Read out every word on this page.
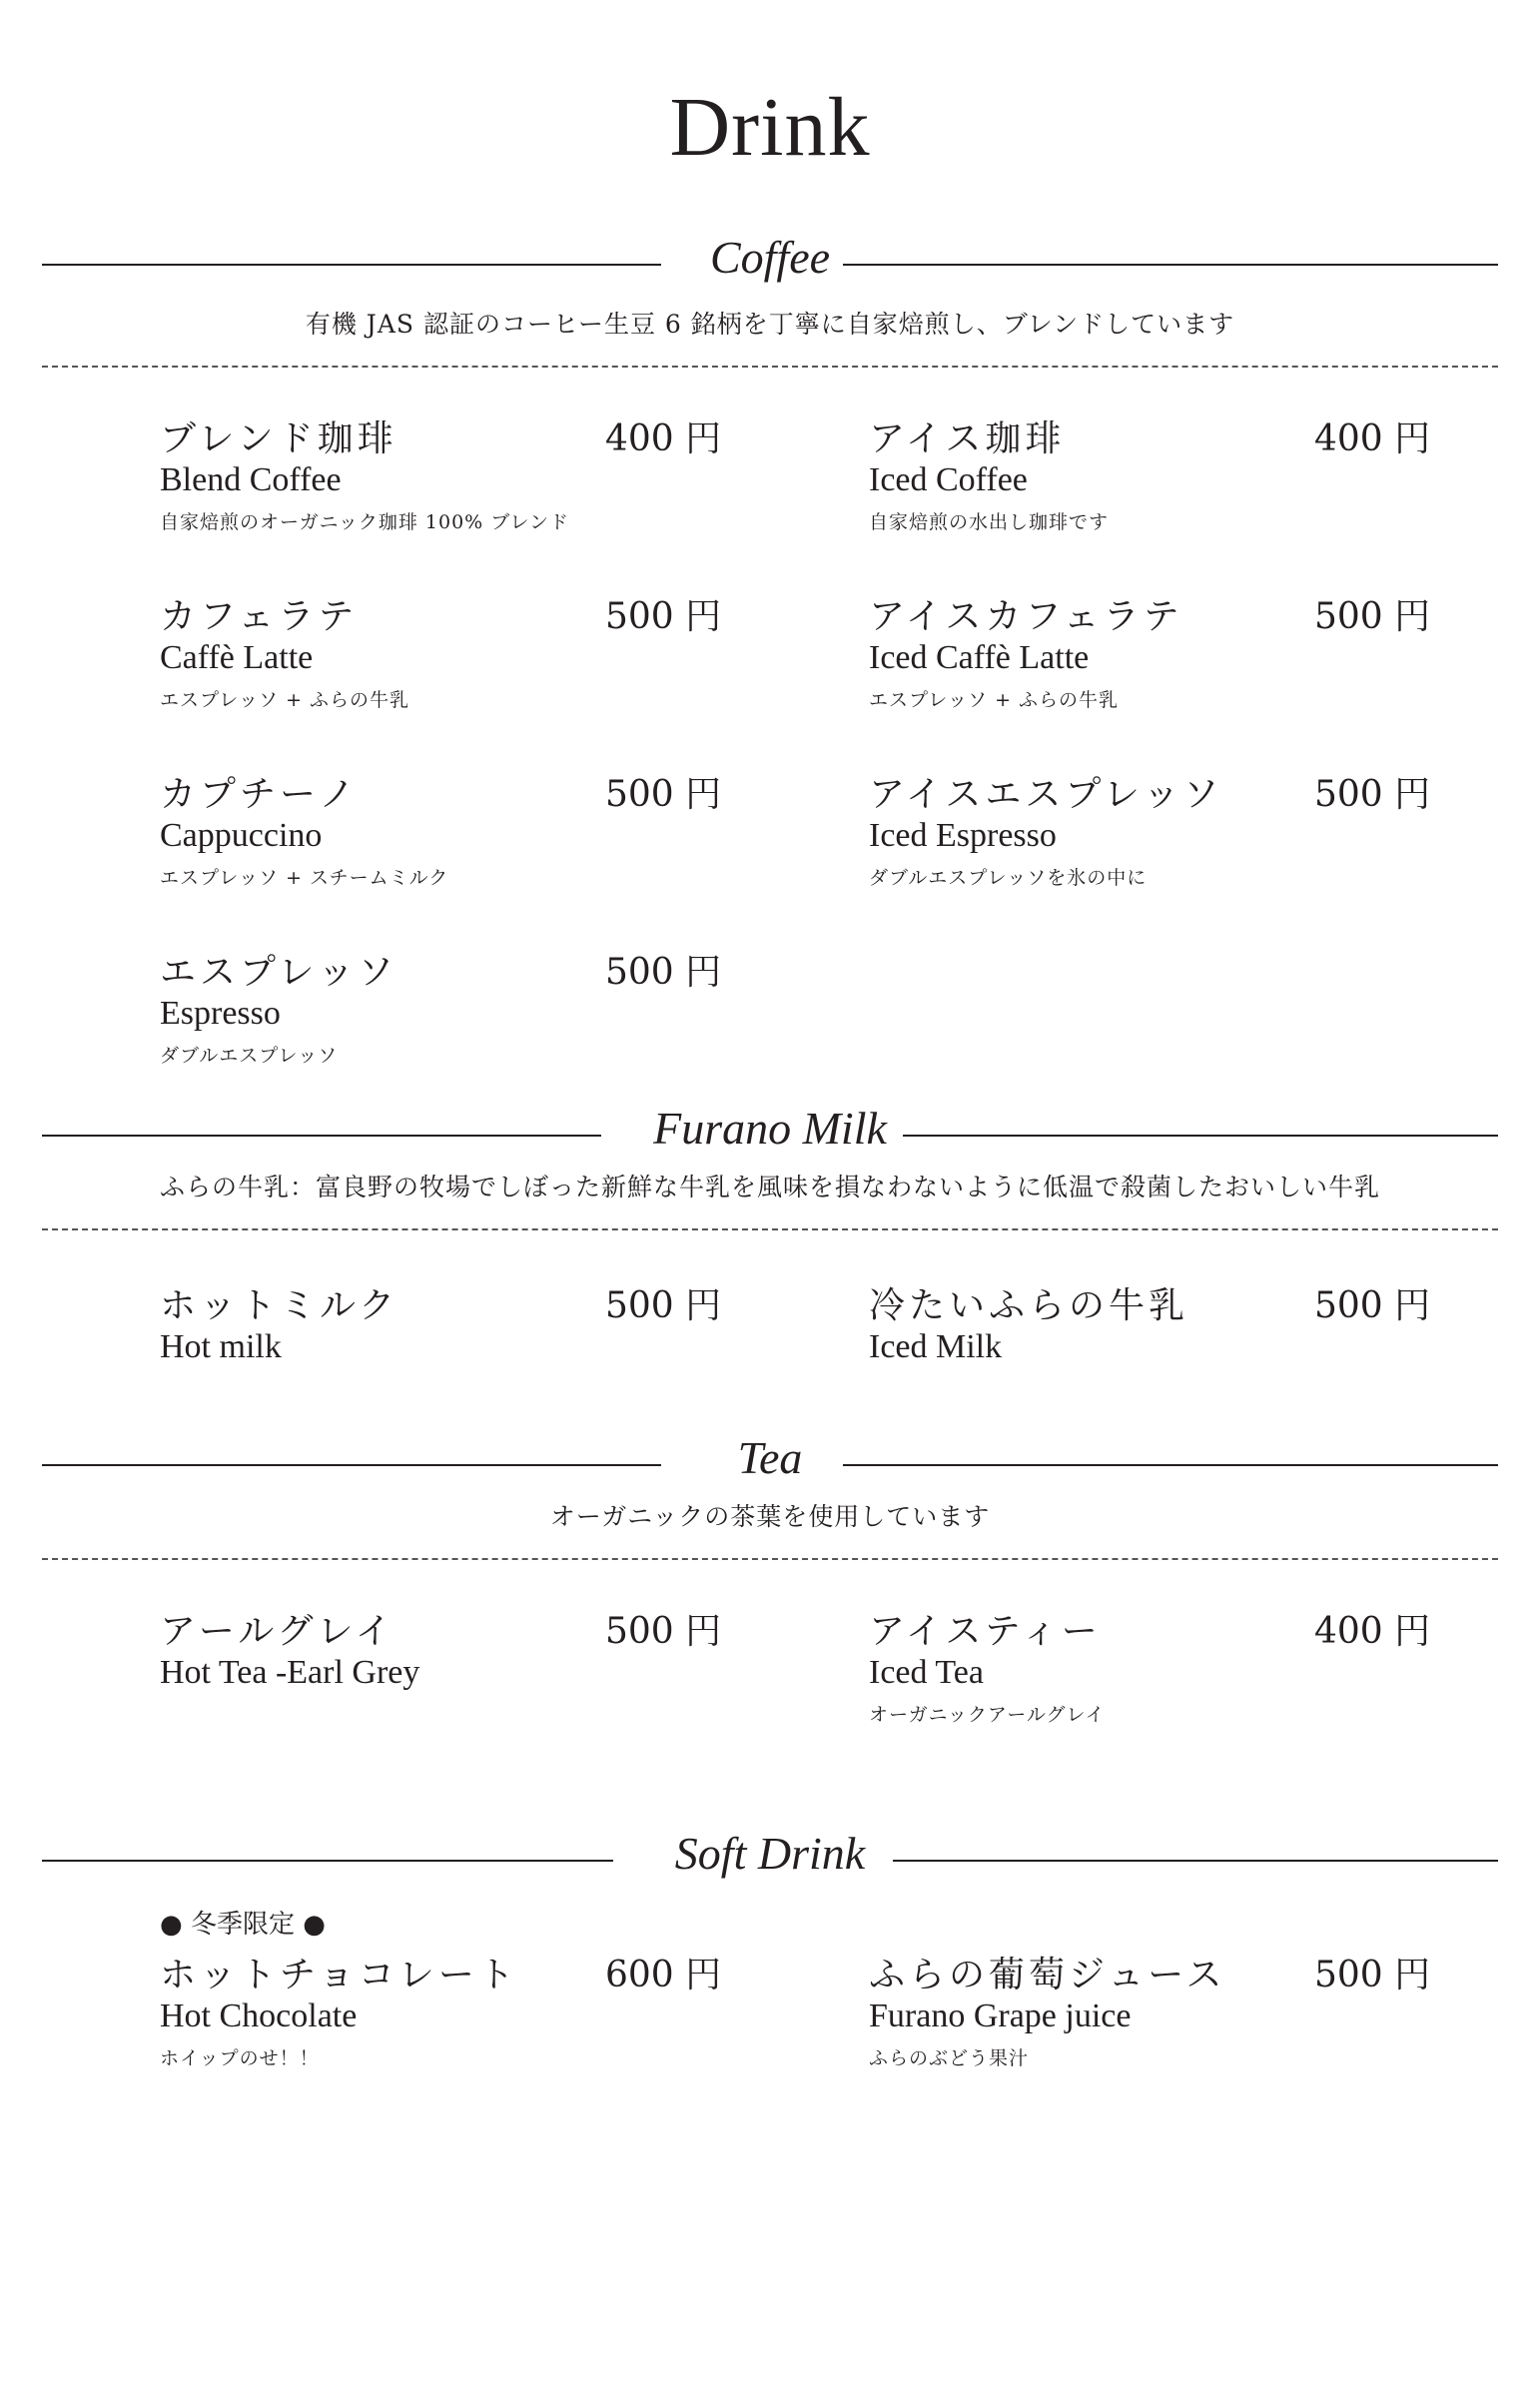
Drink
Coffee
有機 JAS 認証のコーヒー生豆 6 銘柄を丁寧に自家焙煎し、ブレンドしています
ブレンド珈琲	400 円
Blend Coffee
自家焙煎のオーガニック珈琲 100% ブレンド
アイス珈琲	400 円
Iced Coffee
自家焙煎の水出し珈琲です
カフェラテ	500 円
Caffè Latte
エスプレッソ + ふらの牛乳
アイスカフェラテ	500 円
Iced Caffè Latte
エスプレッソ + ふらの牛乳
カプチーノ	500 円
Cappuccino
エスプレッソ + スチームミルク
アイスエスプレッソ	500 円
Iced Espresso
ダブルエスプレッソを氷の中に
エスプレッソ	500 円
Espresso
ダブルエスプレッソ
Furano Milk
ふらの牛乳：富良野の牧場でしぼった新鮮な牛乳を風味を損なわないように低温で殺菌したおいしい牛乳
ホットミルク	500 円
Hot milk
冷たいふらの牛乳	500 円
Iced Milk
Tea
オーガニックの茶葉を使用しています
アールグレイ	500 円
Hot Tea -Earl Grey
アイスティー	400 円
Iced Tea
オーガニックアールグレイ
Soft Drink
● 冬季限定 ●
ホットチョコレート 600 円
Hot Chocolate
ホイップのせ！！
ふらの葡萄ジュース 500 円
Furano Grape juice
ふらのぶどう果汁
